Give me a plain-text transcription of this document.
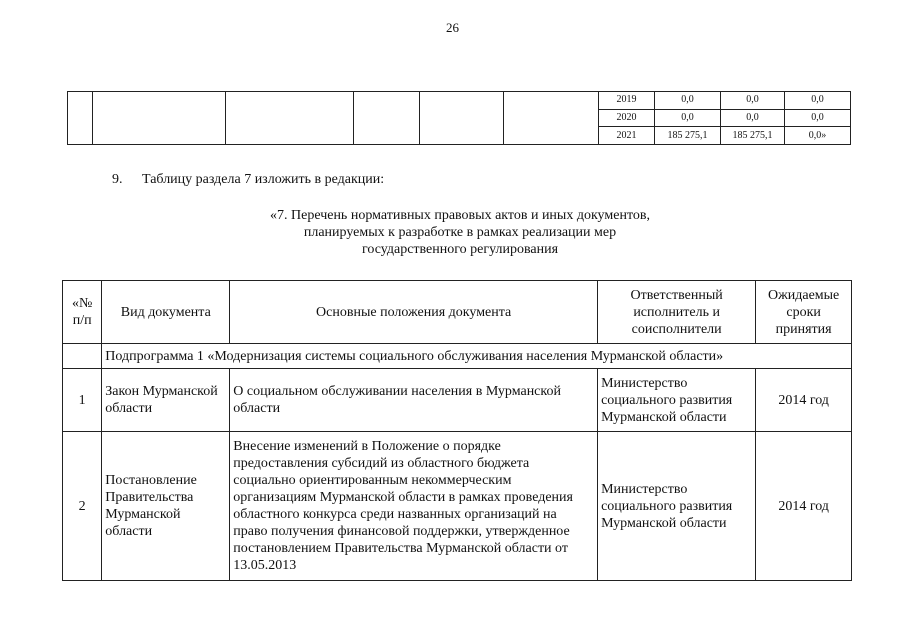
26
						2019	0,0	0,0	0,0
						2020	0,0	0,0	0,0
						2021	185 275,1	185 275,1	0,0»
9. Таблицу раздела 7 изложить в редакции:
«7. Перечень нормативных правовых актов и иных документов,
планируемых к разработке в рамках реализации мер
государственного регулирования
«№ п/п	Вид документа	Основные положения документа	Ответственный исполнитель и соисполнители	Ожидаемые сроки принятия
	Подпрограмма 1 «Модернизация системы социального обслуживания населения Мурманской области»			
1	Закон Мурманской области	О социальном обслуживании населения в Мурманской области	Министерство социального развития Мурманской области	2014 год
2	Постановление Правительства Мурманской области	Внесение изменений в Положение о порядке предоставления субсидий из областного бюджета социально ориентированным некоммерческим организациям Мурманской области в рамках проведения областного конкурса среди названных организаций на право получения финансовой поддержки, утвержденное постановлением Правительства Мурманской области от 13.05.2013	Министерство социального развития Мурманской области	2014 год
